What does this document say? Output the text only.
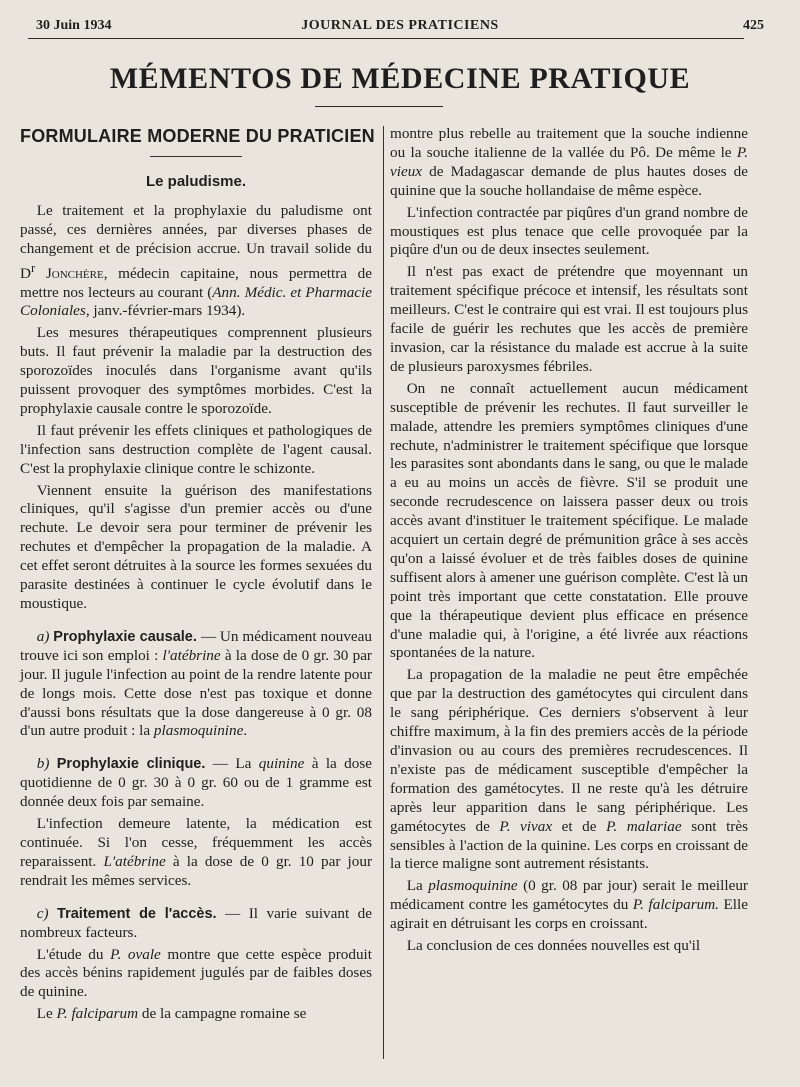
30 Juin 1934	JOURNAL DES PRATICIENS	425
MÉMENTOS DE MÉDECINE PRATIQUE
FORMULAIRE MODERNE DU PRATICIEN
Le paludisme.

Le traitement et la prophylaxie du paludisme ont passé, ces dernières années, par diverses phases de changement et de précision accrue. Un travail solide du $D^r$ Jonchère, médecin capitaine, nous permettra de mettre nos lecteurs au courant (Ann. Médic. et Pharmacie Coloniales, janv.-février-mars 1934).

Les mesures thérapeutiques comprennent plusieurs buts. Il faut prévenir la maladie par la destruction des sporozoïdes inoculés dans l'organisme avant qu'ils puissent provoquer des symptômes morbides. C'est la prophylaxie causale contre le sporozoïde.

Il faut prévenir les effets cliniques et pathologiques de l'infection sans destruction complète de l'agent causal. C'est la prophylaxie clinique contre le schizonte.

Viennent ensuite la guérison des manifestations cliniques, qu'il s'agisse d'un premier accès ou d'une rechute. Le devoir sera pour terminer de prévenir les rechutes et d'empêcher la propagation de la maladie. A cet effet seront détruites à la source les formes sexuées du parasite destinées à continuer le cycle évolutif dans le moustique.

a) Prophylaxie causale. — Un médicament nouveau trouve ici son emploi : l'atébrine à la dose de 0 gr. 30 par jour. Il jugule l'infection au point de la rendre latente pour de longs mois. Cette dose n'est pas toxique et donne d'aussi bons résultats que la dose dangereuse à 0 gr. 08 d'un autre produit : la plasmoquinine.

b) Prophylaxie clinique. — La quinine à la dose quotidienne de 0 gr. 30 à 0 gr. 60 ou de 1 gramme est donnée deux fois par semaine.

L'infection demeure latente, la médication est continuée. Si l'on cesse, fréquemment les accès reparaissent. L'atébrine à la dose de 0 gr. 10 par jour rendrait les mêmes services.

c) Traitement de l'accès. — Il varie suivant de nombreux facteurs.

L'étude du P. ovale montre que cette espèce produit des accès bénins rapidement jugulés par de faibles doses de quinine.

Le P. falciparum de la campagne romaine se

montre plus rebelle au traitement que la souche indienne ou la souche italienne de la vallée du Pô. De même le P. vieux de Madagascar demande de plus hautes doses de quinine que la souche hollandaise de même espèce.

L'infection contractée par piqûres d'un grand nombre de moustiques est plus tenace que celle provoquée par la piqûre d'un ou de deux insectes seulement.

Il n'est pas exact de prétendre que moyennant un traitement spécifique précoce et intensif, les résultats sont meilleurs. C'est le contraire qui est vrai. Il est toujours plus facile de guérir les rechutes que les accès de première invasion, car la résistance du malade est accrue à la suite de plusieurs paroxysmes fébriles.

On ne connaît actuellement aucun médicament susceptible de prévenir les rechutes. Il faut surveiller le malade, attendre les premiers symptômes cliniques d'une rechute, n'administrer le traitement spécifique que lorsque les parasites sont abondants dans le sang, ou que le malade a eu au moins un accès de fièvre. S'il se produit une seconde recrudescence on laissera passer deux ou trois accès avant d'instituer le traitement spécifique. Le malade acquiert un certain degré de prémunition grâce à ses accès qu'on a laissé évoluer et de très faibles doses de quinine suffisent alors à amener une guérison complète. C'est là un point très important que cette constatation. Elle prouve que la thérapeutique devient plus efficace en présence d'une maladie qui, à l'origine, a été livrée aux réactions spontanées de la nature.

La propagation de la maladie ne peut être empêchée que par la destruction des gamétocytes qui circulent dans le sang périphérique. Ces derniers s'observent à leur chiffre maximum, à la fin des premiers accès de la période d'invasion ou au cours des premières recrudescences. Il n'existe pas de médicament susceptible d'empêcher la formation des gamétocytes. Il ne reste qu'à les détruire après leur apparition dans le sang périphérique. Les gamétocytes de P. vivax et de P. malariae sont très sensibles à l'action de la quinine. Les corps en croissant de la tierce maligne sont autrement résistants.

La plasmoquinine (0 gr. 08 par jour) serait le meilleur médicament contre les gamétocytes du P. falciparum. Elle agirait en détruisant les corps en croissant.

La conclusion de ces données nouvelles est qu'il
